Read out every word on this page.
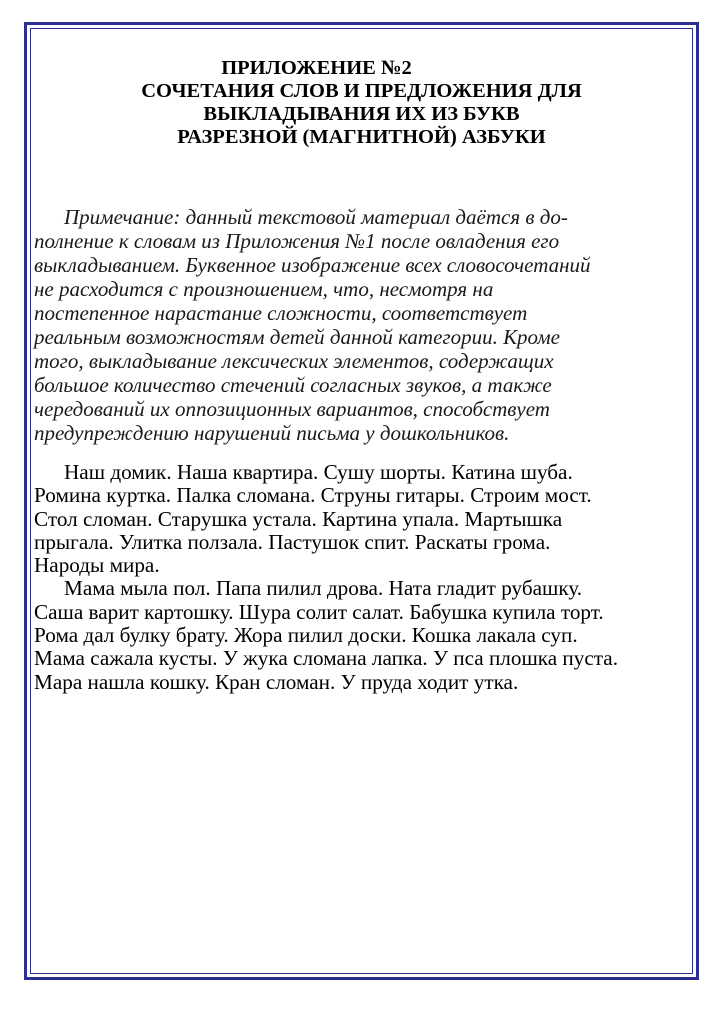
ПРИЛОЖЕНИЕ №2
СОЧЕТАНИЯ СЛОВ И ПРЕДЛОЖЕНИЯ ДЛЯ
ВЫКЛАДЫВАНИЯ ИХ ИЗ БУКВ
РАЗРЕЗНОЙ (МАГНИТНОЙ) АЗБУКИ
Примечание: данный текстовой материал даётся в до-
полнение к словам из Приложения №1 после овладения его
выкладыванием. Буквенное изображение всех словосочетаний
не расходится с произношением, что, несмотря на
постепенное нарастание сложности, соответствует
реальным возможностям детей данной категории. Кроме
того, выкладывание лексических элементов, содержащих
большое количество стечений согласных звуков, а также
чередований их оппозиционных вариантов, способствует
предупреждению нарушений письма у дошкольников.
Наш домик. Наша квартира. Сушу шорты. Катина шуба.
Ромина куртка. Палка сломана. Струны гитары. Строим мост.
Стол сломан. Старушка устала. Картина упала. Мартышка
прыгала. Улитка ползала. Пастушок спит. Раскаты грома.
Народы мира.
Мама мыла пол. Папа пилил дрова. Ната гладит рубашку.
Саша варит картошку. Шура солит салат. Бабушка купила торт.
Рома дал булку брату. Жора пилил доски. Кошка лакала суп.
Мама сажала кусты. У жука сломана лапка. У пса плошка пуста.
Мара нашла кошку. Кран сломан. У пруда ходит утка.
